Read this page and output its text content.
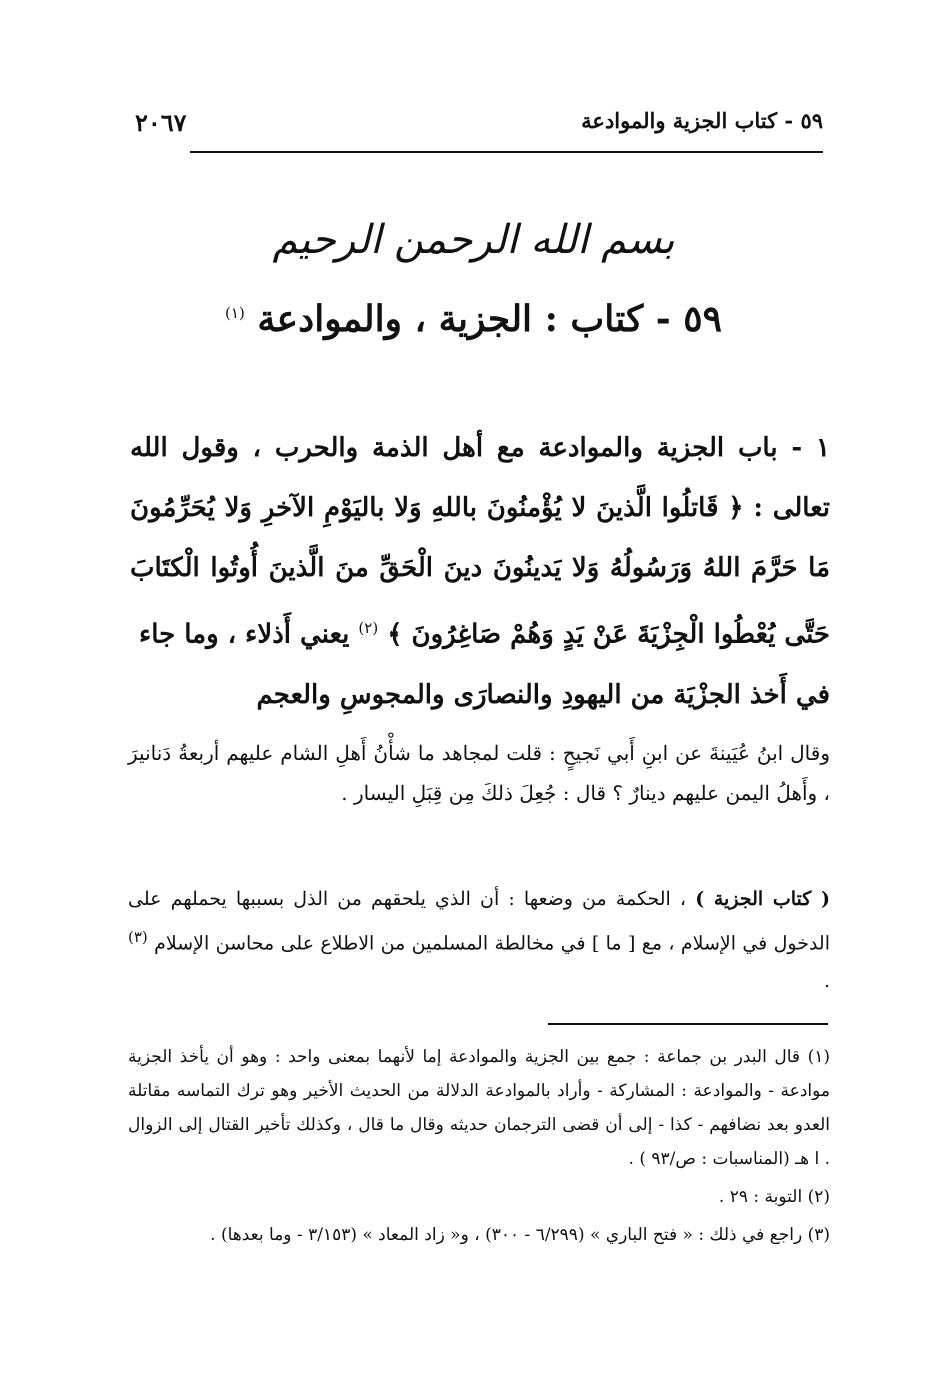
٥٩ - كتاب الجزية والموادعة
٢٠٦٧
بسم الله الرحمن الرحيم
٥٩ - كتاب : الجزية ، والموادعة $^{(١)}$
١ - باب الجزية والموادعة مع أهل الذمة والحرب ، وقول الله تعالى : ﴿ قَاتلُوا الَّذينَ لا يُؤْمنُونَ باللهِ وَلا باليَوْمِ الآخرِ وَلا يُحَرِّمُونَ مَا حَرَّمَ اللهُ وَرَسُولُهُ وَلا يَدينُونَ دينَ الْحَقِّ منَ الَّذينَ أُوتُوا الْكتَابَ حَتَّى يُعْطُوا الْجِزْيَةَ عَنْ يَدٍ وَهُمْ صَاغِرُونَ ﴾ $^{(٢)}$ يعني أَذلاء ، وما جاء
في أَخذ الجزْيَة من اليهودِ والنصارَى والمجوسِ والعجم
وقال ابنُ عُيَينةَ عن ابنِ أَبي نَجيحٍ : قلت لمجاهد ما شأْنُ أَهلِ الشام عليهم أربعةُ دَنانيرَ ، وأَهلُ اليمن عليهم دينارٌ ؟ قال : جُعِلَ ذلكَ مِن قِبَلِ اليسار .
( كتاب الجزية ) ، الحكمة من وضعها : أن الذي يلحقهم من الذل بسببها يحملهم على الدخول في الإسلام ، مع [ ما ] في مخالطة المسلمين من الاطلاع على محاسن الإسلام $^{(٣)}$ .

(١) قال البدر بن جماعة : جمع بين الجزية والموادعة إما لأنهما بمعنى واحد : وهو أن يأخذ الجزية موادعة - والموادعة : المشاركة - وأراد بالموادعة الدلالة من الحديث الأخير وهو ترك التماسه مقاتلة العدو بعد نضافهم - كذا - إلى أن قضى الترجمان حديثه وقال ما قال ، وكذلك تأخير القتال إلى الزوال . ا هـ (المناسبات : ص/٩٣ ) .

(٢) التوبة : ٢٩ .

(٣) راجع في ذلك : « فتح الباري » (٦/٢٩٩ - ٣٠٠) ، و« زاد المعاد » (٣/١٥٣ - وما بعدها) .
